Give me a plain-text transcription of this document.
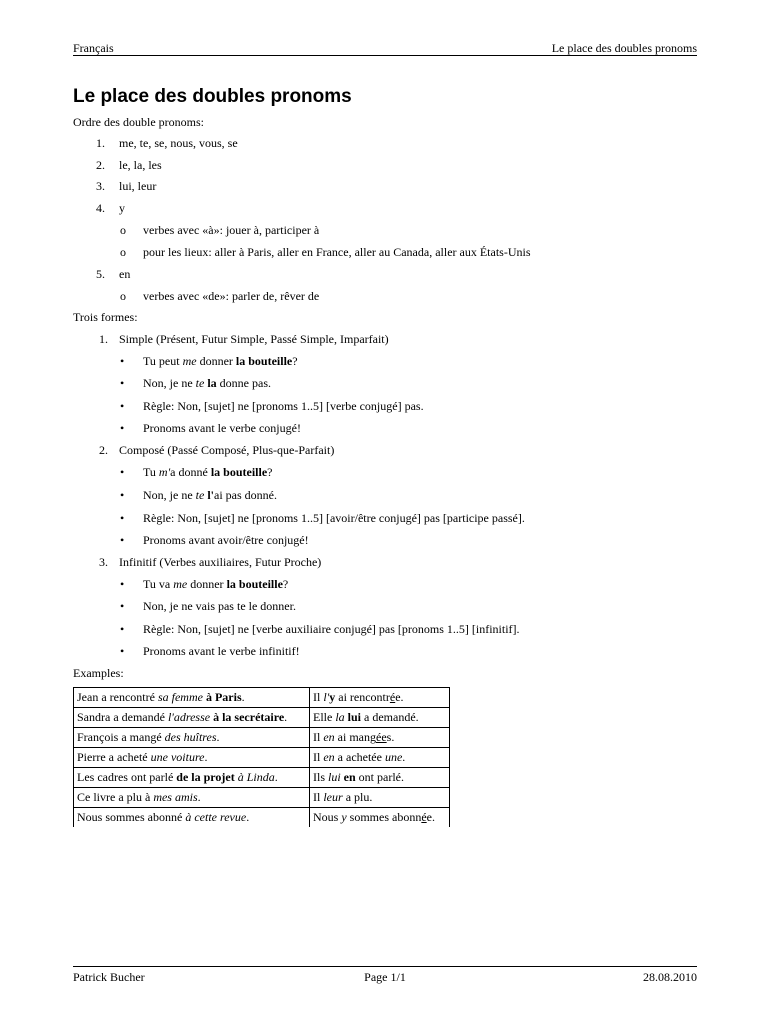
Français	Le place des doubles pronoms
Le place des doubles pronoms
Ordre des double pronoms:
1. me, te, se, nous, vous, se
2. le, la, les
3. lui, leur
4. y
o verbes avec «à»: jouer à, participer à
o pour les lieux: aller à Paris, aller en France, aller au Canada, aller aux États-Unis
5. en
o verbes avec «de»: parler de, rêver de
Trois formes:
1. Simple (Présent, Futur Simple, Passé Simple, Imparfait)
• Tu peut me donner la bouteille?
• Non, je ne te la donne pas.
• Règle: Non, [sujet] ne [pronoms 1..5] [verbe conjugé] pas.
• Pronoms avant le verbe conjugé!
2. Composé (Passé Composé, Plus-que-Parfait)
• Tu m'a donné la bouteille?
• Non, je ne te l'ai pas donné.
• Règle: Non, [sujet] ne [pronoms 1..5] [avoir/être conjugé] pas [participe passé].
• Pronoms avant avoir/être conjugé!
3. Infinitif (Verbes auxiliaires, Futur Proche)
• Tu va me donner la bouteille?
• Non, je ne vais pas te le donner.
• Règle: Non, [sujet] ne [verbe auxiliaire conjugé] pas [pronoms 1..5] [infinitif].
• Pronoms avant le verbe infinitif!
Examples:
Jean a rencontré sa femme à Paris.	Il l'y ai rencontrée.
Sandra a demandé l'adresse à la secrétaire.	Elle la lui a demandé.
François a mangé des huîtres.	Il en ai mangées.
Pierre a acheté une voiture.	Il en a achetée une.
Les cadres ont parlé de la projet à Linda.	Ils lui en ont parlé.
Ce livre a plu à mes amis.	Il leur a plu.
Nous sommes abonné à cette revue.	Nous y sommes abonnée.
Patrick Bucher	Page 1/1	28.08.2010
